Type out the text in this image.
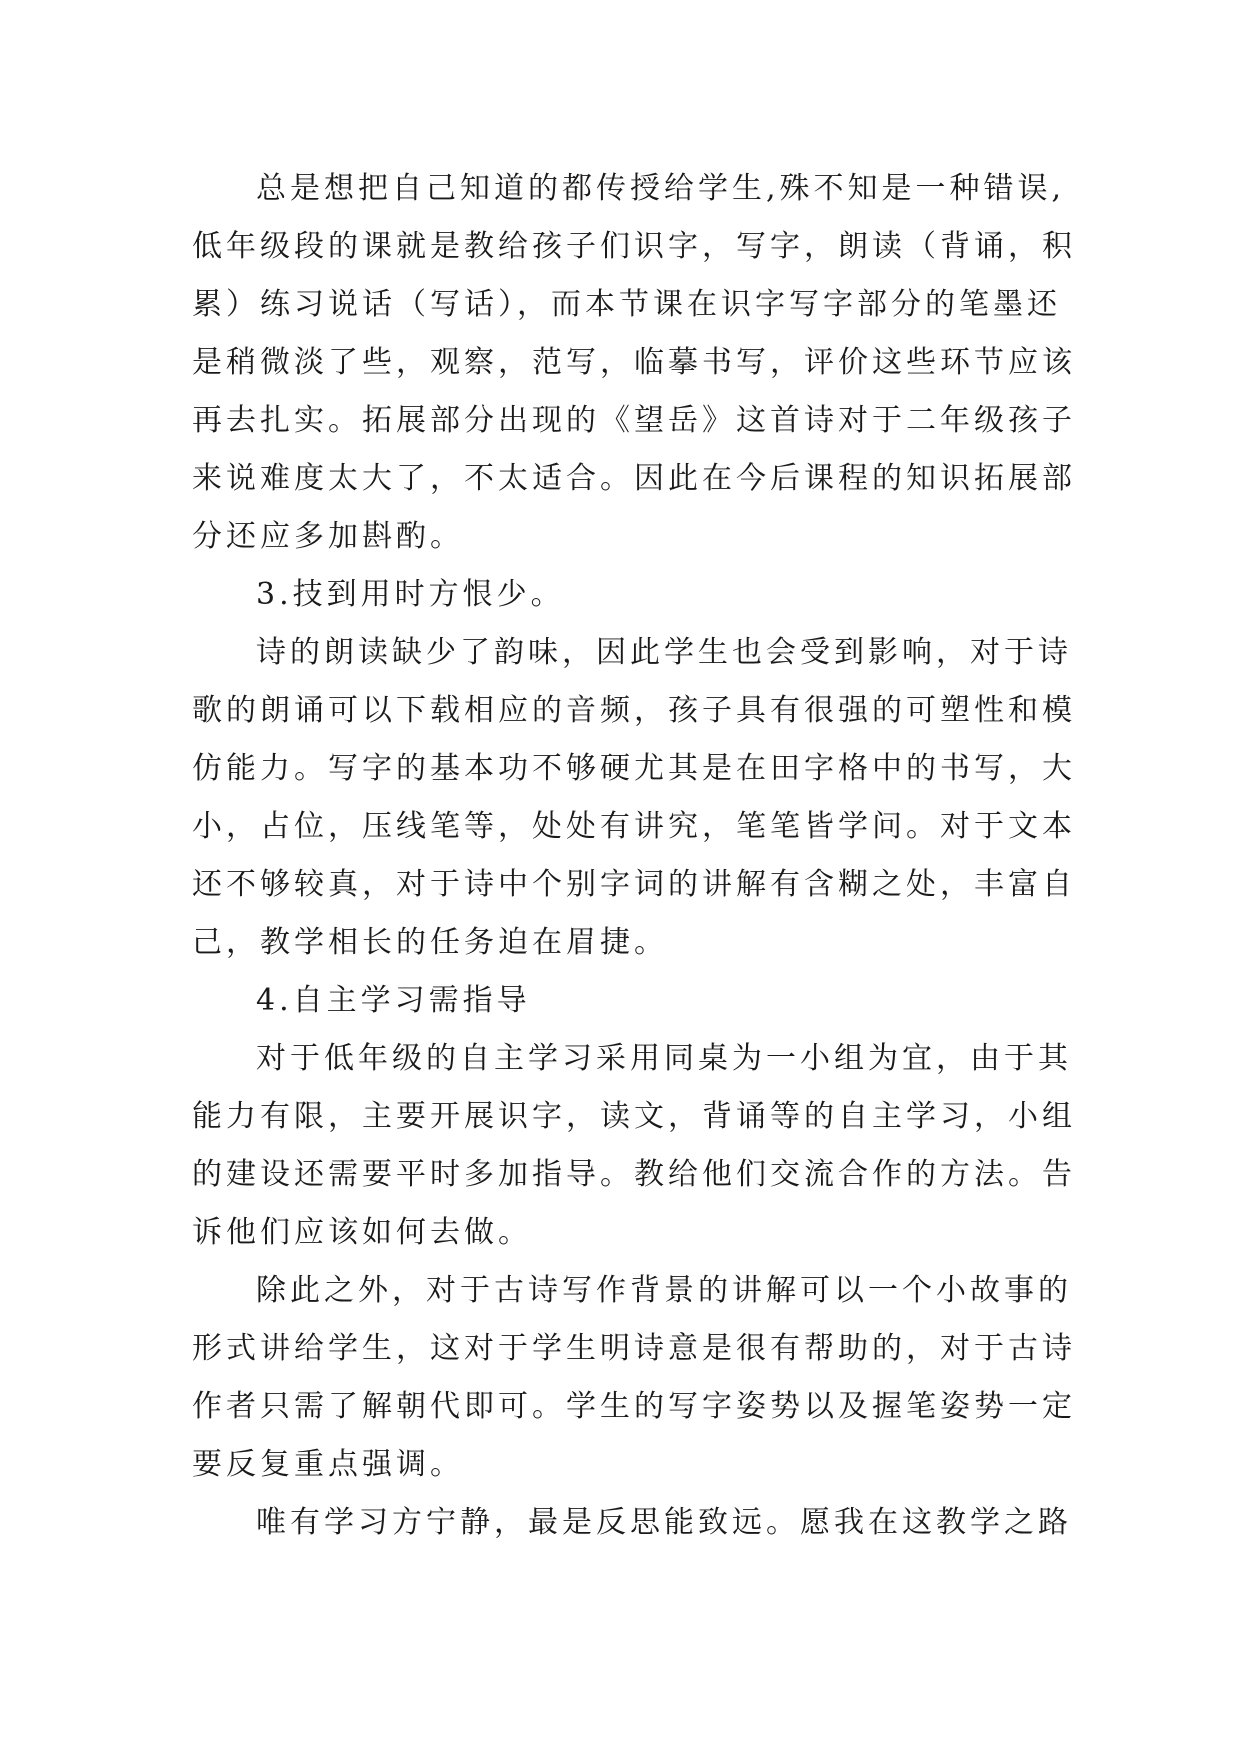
总是想把自己知道的都传授给学生,殊不知是一种错误,
低年级段的课就是教给孩子们识字，写字，朗读（背诵，积
累）练习说话（写话），而本节课在识字写字部分的笔墨还
是稍微淡了些，观察，范写，临摹书写，评价这些环节应该
再去扎实。拓展部分出现的《望岳》这首诗对于二年级孩子
来说难度太大了，不太适合。因此在今后课程的知识拓展部
分还应多加斟酌。
3.技到用时方恨少。
诗的朗读缺少了韵味，因此学生也会受到影响，对于诗
歌的朗诵可以下载相应的音频，孩子具有很强的可塑性和模
仿能力。写字的基本功不够硬尤其是在田字格中的书写，大
小，占位，压线笔等，处处有讲究，笔笔皆学问。对于文本
还不够较真，对于诗中个别字词的讲解有含糊之处，丰富自
己，教学相长的任务迫在眉捷。
4.自主学习需指导
对于低年级的自主学习采用同桌为一小组为宜，由于其
能力有限，主要开展识字，读文，背诵等的自主学习，小组
的建设还需要平时多加指导。教给他们交流合作的方法。告
诉他们应该如何去做。
除此之外，对于古诗写作背景的讲解可以一个小故事的
形式讲给学生，这对于学生明诗意是很有帮助的，对于古诗
作者只需了解朝代即可。学生的写字姿势以及握笔姿势一定
要反复重点强调。
唯有学习方宁静，最是反思能致远。愿我在这教学之路
